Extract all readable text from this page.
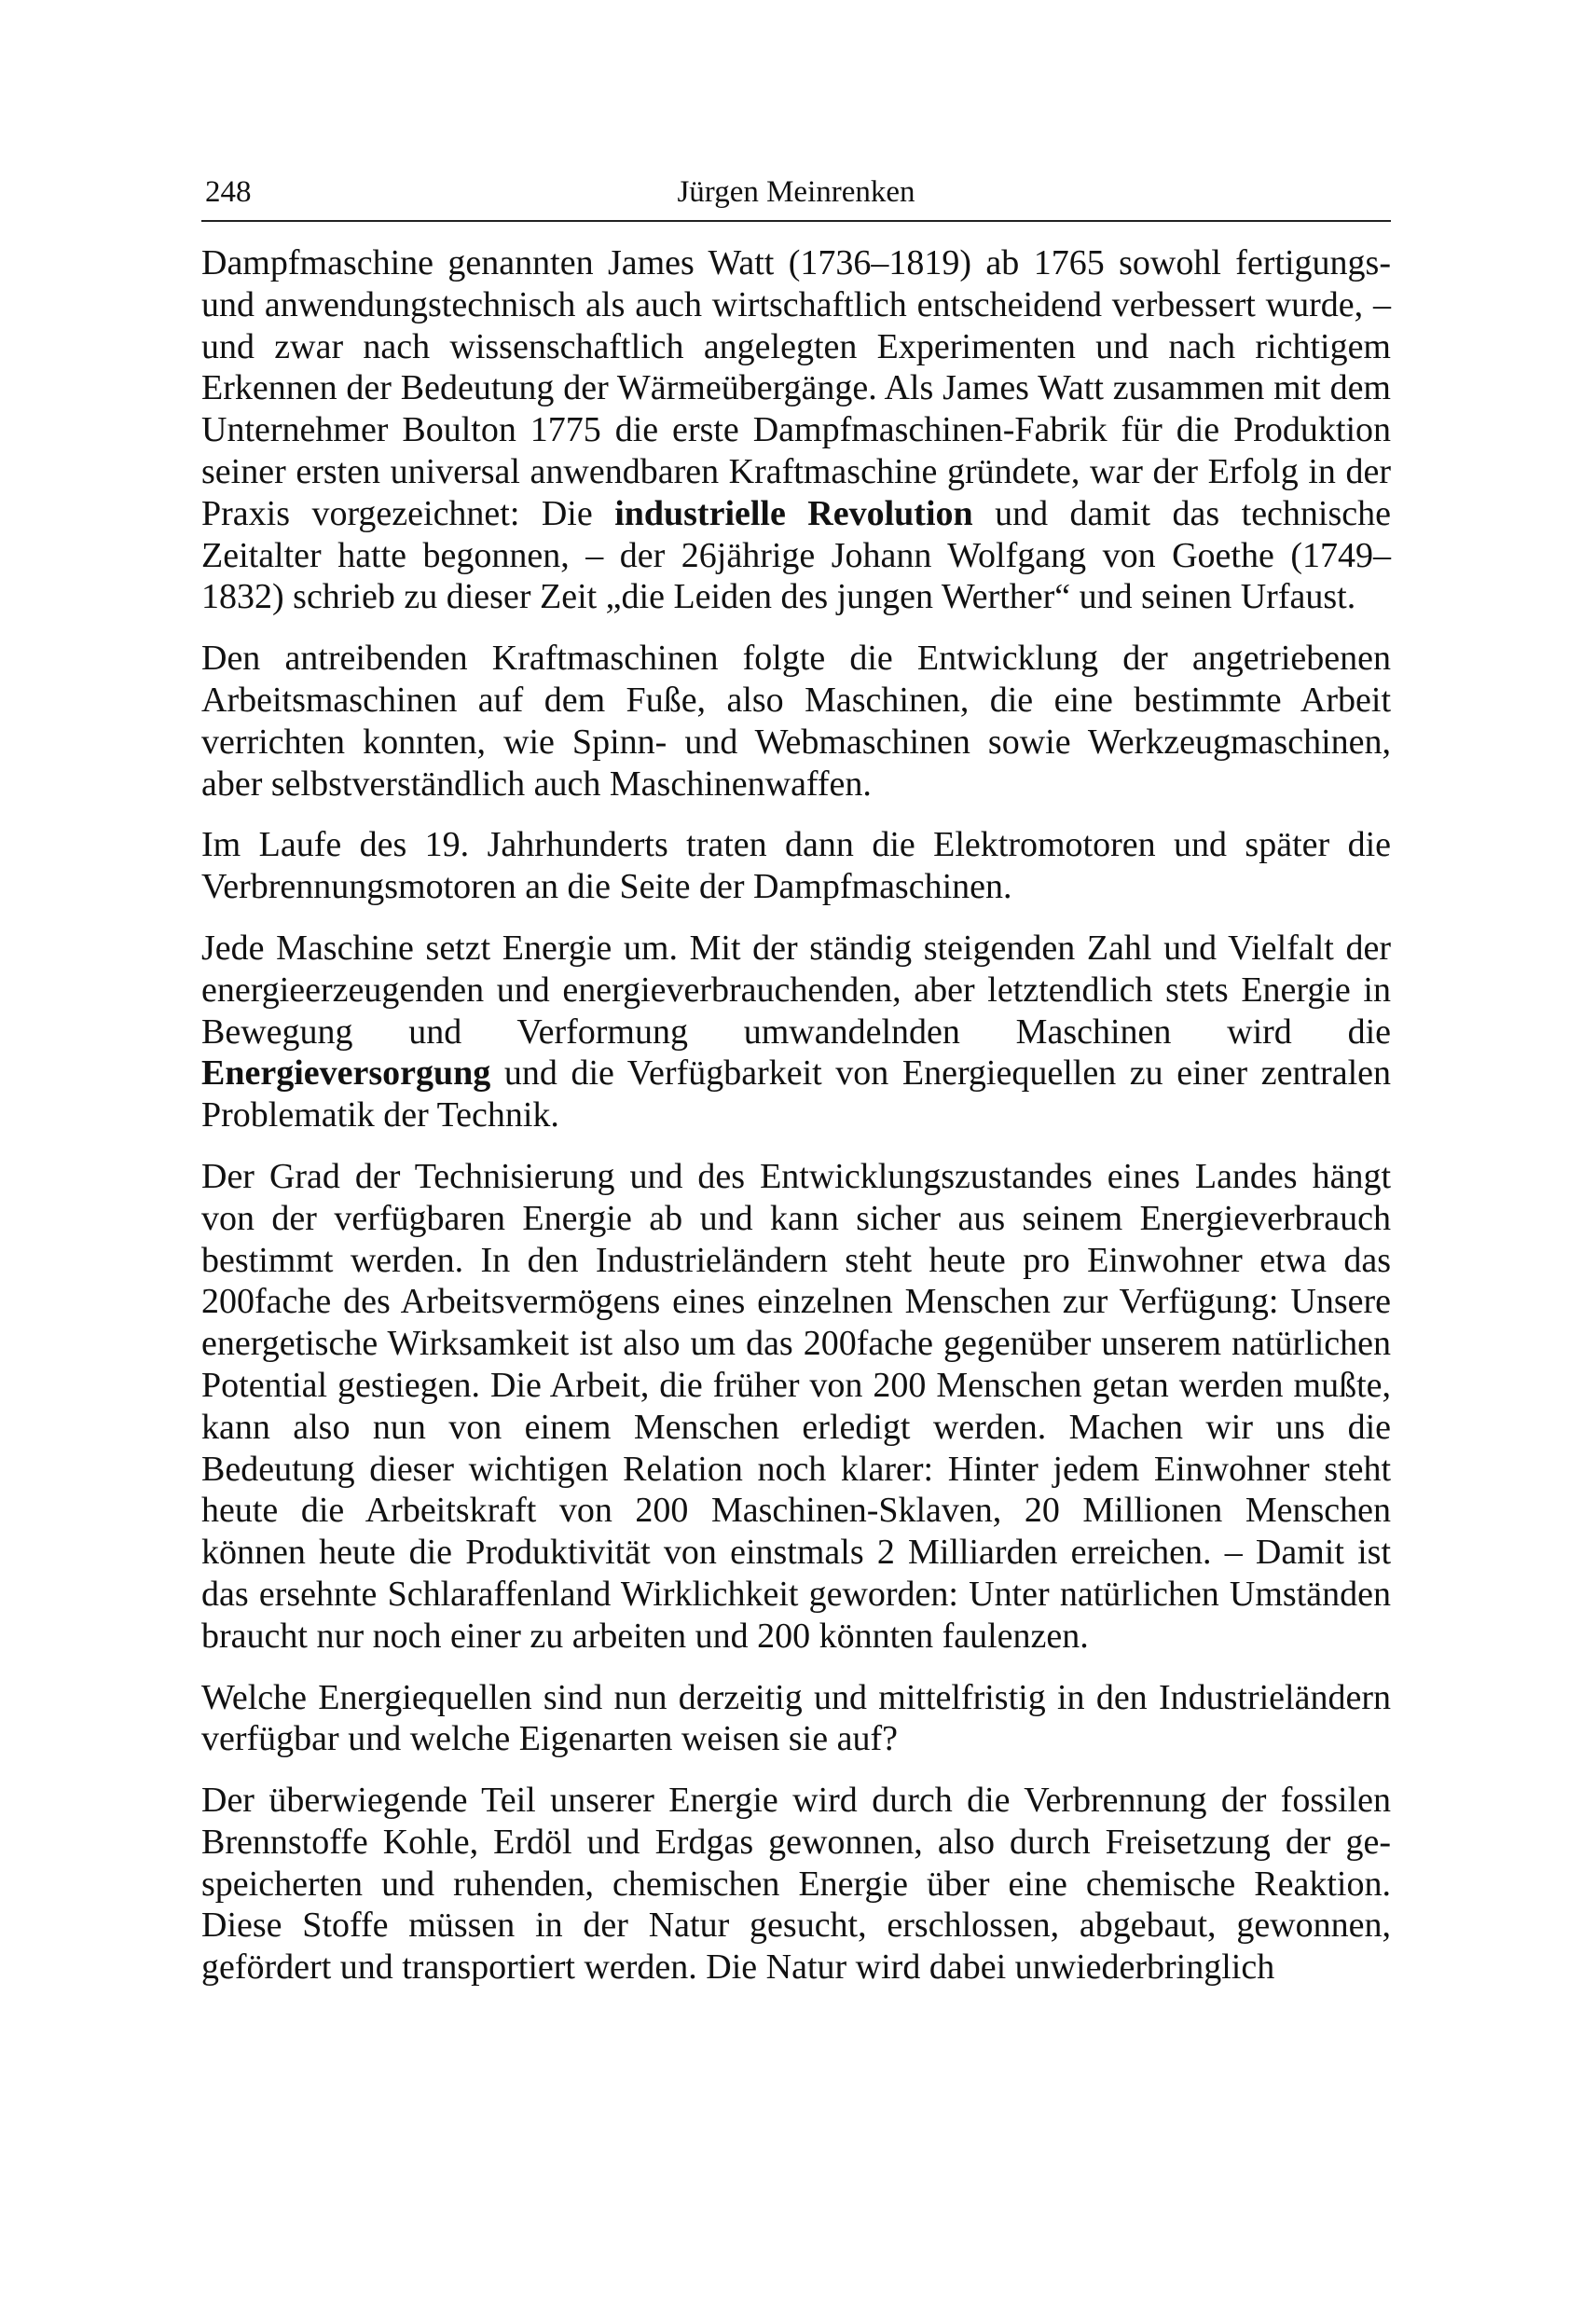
248	Jürgen Meinrenken

Dampfmaschine genannten James Watt (1736–1819) ab 1765 sowohl fertigungs- und anwendungstechnisch als auch wirtschaftlich entscheidend verbessert wurde, – und zwar nach wissenschaftlich angelegten Experimenten und nach richtigem Erkennen der Bedeutung der Wärmeübergänge. Als James Watt zusammen mit dem Unternehmer Boulton 1775 die erste Dampfmaschinen-Fabrik für die Produktion seiner ersten universal anwendbaren Kraftmaschine gründete, war der Erfolg in der Praxis vorgezeichnet: Die industrielle Revolution und damit das technische Zeitalter hatte begonnen, – der 26jährige Johann Wolfgang von Goethe (1749–1832) schrieb zu dieser Zeit „die Leiden des jungen Werther“ und seinen Urfaust.

Den antreibenden Kraftmaschinen folgte die Entwicklung der angetriebenen Arbeitsmaschinen auf dem Fuße, also Maschinen, die eine bestimmte Arbeit verrichten konnten, wie Spinn- und Webmaschinen sowie Werkzeugmaschinen, aber selbstverständlich auch Maschinenwaffen.

Im Laufe des 19. Jahrhunderts traten dann die Elektromotoren und später die Verbrennungsmotoren an die Seite der Dampfmaschinen.

Jede Maschine setzt Energie um. Mit der ständig steigenden Zahl und Vielfalt der energieerzeugenden und energieverbrauchenden, aber letztendlich stets Energie in Bewegung und Verformung umwandelnden Maschinen wird die Energieversorgung und die Verfügbarkeit von Energiequellen zu einer zentralen Problematik der Technik.

Der Grad der Technisierung und des Entwicklungszustandes eines Landes hängt von der verfügbaren Energie ab und kann sicher aus seinem Energieverbrauch bestimmt werden. In den Industrieländern steht heute pro Einwohner etwa das 200fache des Arbeitsvermögens eines einzelnen Menschen zur Verfügung: Unsere energetische Wirksamkeit ist also um das 200fache gegenüber unserem natürlichen Potential gestiegen. Die Arbeit, die früher von 200 Menschen getan werden mußte, kann also nun von einem Menschen erledigt werden. Machen wir uns die Bedeutung dieser wichtigen Relation noch klarer: Hinter jedem Einwohner steht heute die Arbeitskraft von 200 Maschinen-Sklaven, 20 Millionen Menschen können heute die Produktivität von einstmals 2 Milliarden erreichen. – Damit ist das ersehnte Schlaraffenland Wirklichkeit geworden: Unter natürlichen Umständen braucht nur noch einer zu arbeiten und 200 könnten faulenzen.

Welche Energiequellen sind nun derzeitig und mittelfristig in den Industrieländern verfügbar und welche Eigenarten weisen sie auf?

Der überwiegende Teil unserer Energie wird durch die Verbrennung der fossilen Brennstoffe Kohle, Erdöl und Erdgas gewonnen, also durch Freisetzung der gespeicherten und ruhenden, chemischen Energie über eine chemische Reaktion. Diese Stoffe müssen in der Natur gesucht, erschlossen, abgebaut, gewonnen, gefördert und transportiert werden. Die Natur wird dabei unwiederbringlich
